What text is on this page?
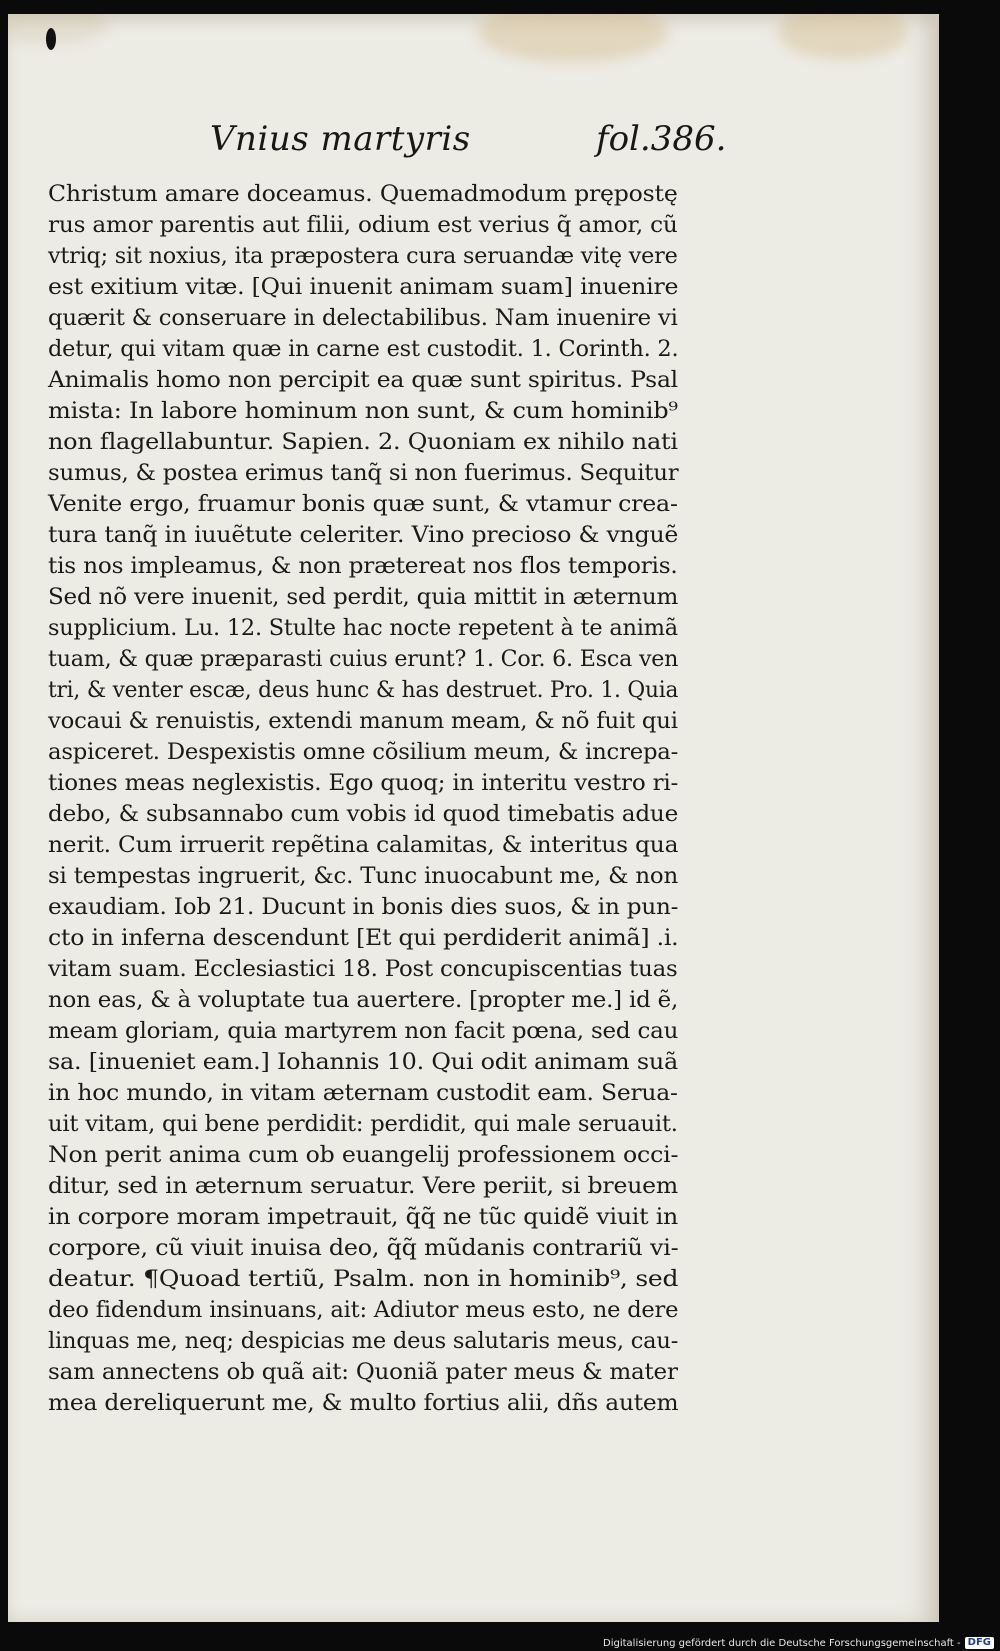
Vnius martyris	fol.386.
Christum amare doceamus. Quemadmodum prępostę
rus amor parentis aut filii, odium est verius q̃ amor, cũ
vtriq; sit noxius, ita præpostera cura seruandæ vitę vere
est exitium vitæ. [Qui inuenit animam suam] inuenire
quærit & conseruare in delectabilibus. Nam inuenire vi
detur, qui vitam quæ in carne est custodit. 1. Corinth. 2.
Animalis homo non percipit ea quæ sunt spiritus. Psal
mista: In labore hominum non sunt, & cum hominib⁹
non flagellabuntur. Sapien. 2. Quoniam ex nihilo nati
sumus, & postea erimus tanq̃ si non fuerimus. Sequitur
Venite ergo, fruamur bonis quæ sunt, & vtamur crea-
tura tanq̃ in iuuẽtute celeriter. Vino precioso & vnguẽ
tis nos impleamus, & non prætereat nos flos temporis.
Sed nõ vere inuenit, sed perdit, quia mittit in æternum
supplicium. Lu. 12. Stulte hac nocte repetent à te animã
tuam, & quæ præparasti cuius erunt? 1. Cor. 6. Esca ven
tri, & venter escæ, deus hunc & has destruet. Pro. 1. Quia
vocaui & renuistis, extendi manum meam, & nõ fuit qui
aspiceret. Despexistis omne cõsilium meum, & increpa-
tiones meas neglexistis. Ego quoq; in interitu vestro ri-
debo, & subsannabo cum vobis id quod timebatis adue
nerit. Cum irruerit repẽtina calamitas, & interitus qua
si tempestas ingruerit, &c. Tunc inuocabunt me, & non
exaudiam. Iob 21. Ducunt in bonis dies suos, & in pun-
cto in inferna descendunt [Et qui perdiderit animã] .i.
vitam suam. Ecclesiastici 18. Post concupiscentias tuas
non eas, & à voluptate tua auertere. [propter me.] id ẽ,
meam gloriam, quia martyrem non facit pœna, sed cau
sa. [inueniet eam.] Iohannis 10. Qui odit animam suã
in hoc mundo, in vitam æternam custodit eam. Serua-
uit vitam, qui bene perdidit: perdidit, qui male seruauit.
Non perit anima cum ob euangelij professionem occi-
ditur, sed in æternum seruatur. Vere periit, si breuem
in corpore moram impetrauit, q̃q̃ ne tũc quidẽ viuit in
corpore, cũ viuit inuisa deo, q̃q̃ mũdanis contrariũ vi-
deatur. ¶Quoad tertiũ, Psalm. non in hominib⁹, sed
deo fidendum insinuans, ait: Adiutor meus esto, ne dere
linquas me, neq; despicias me deus salutaris meus, cau-
sam annectens ob quã ait: Quoniã pater meus & mater
mea dereliquerunt me, & multo fortius alii, dñs autem
Digitalisierung gefördert durch die Deutsche Forschungsgemeinschaft - DFG
